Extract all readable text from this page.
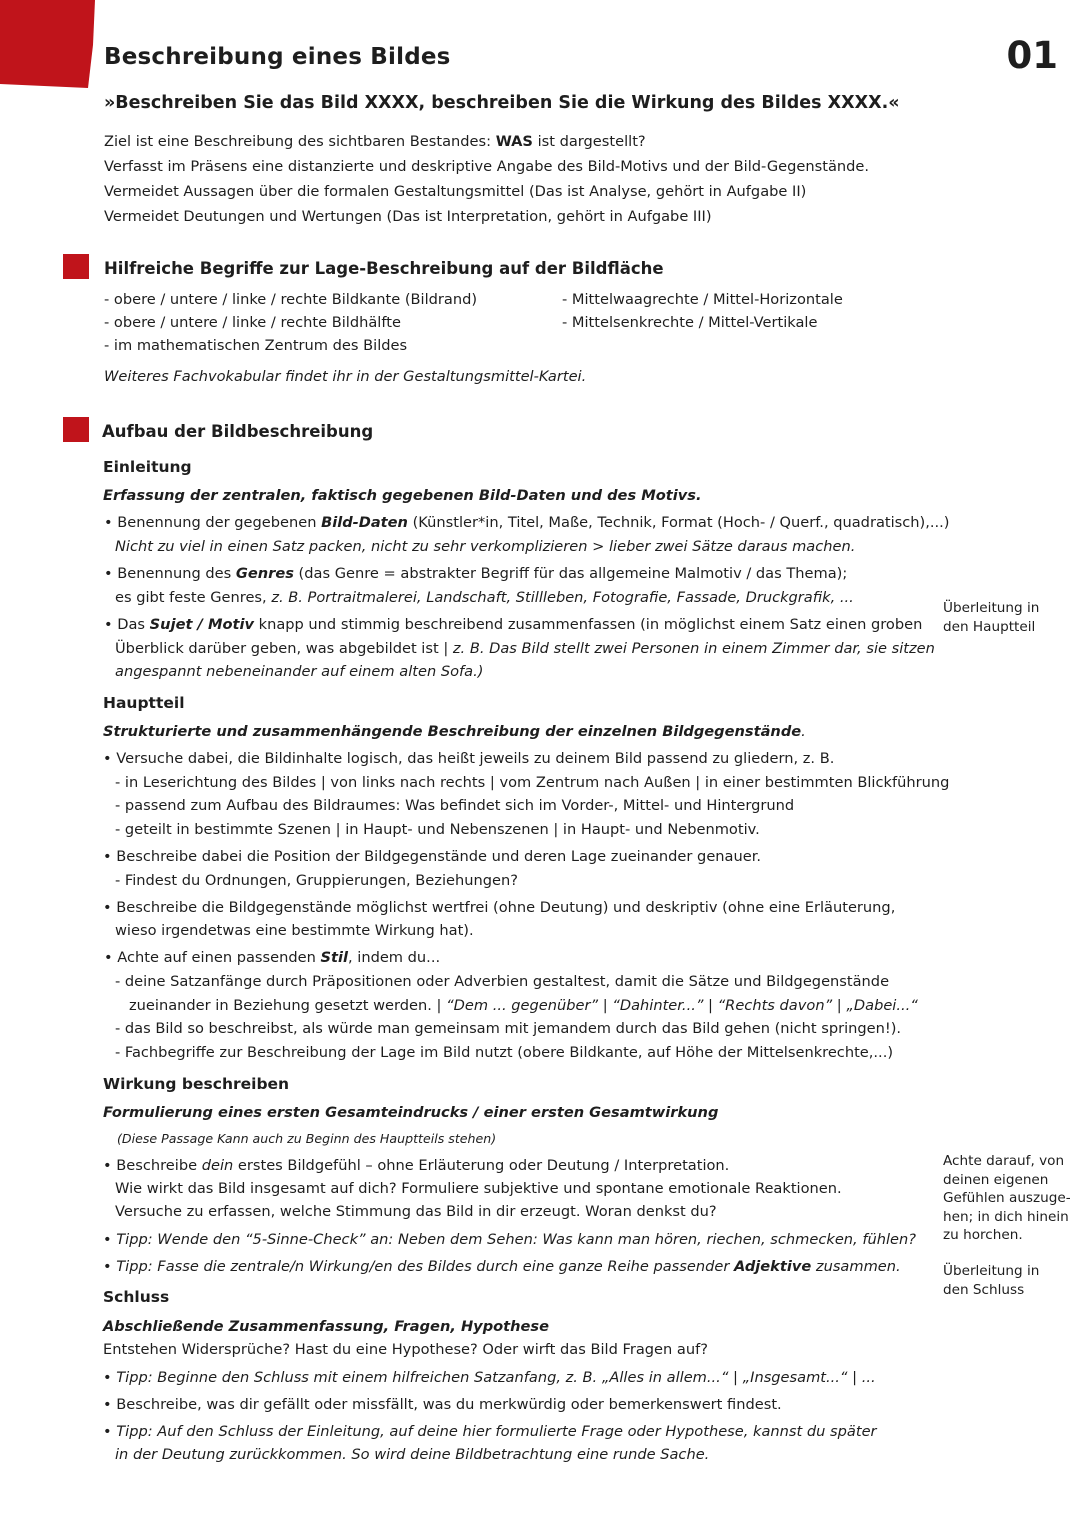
Beschreibung eines Bildes	01
»Beschreiben Sie das Bild XXXX, beschreiben Sie die Wirkung des Bildes XXXX.«
Ziel ist eine Beschreibung des sichtbaren Bestandes: WAS ist dargestellt?
Verfasst im Präsens eine distanzierte und deskriptive Angabe des Bild-Motivs und der Bild-Gegenstände.
Vermeidet Aussagen über die formalen Gestaltungsmittel (Das ist Analyse, gehört in Aufgabe II)
Vermeidet Deutungen und Wertungen (Das ist Interpretation, gehört in Aufgabe III)
Hilfreiche Begriffe zur Lage-Beschreibung auf der Bildfläche
- obere / untere / linke / rechte Bildkante (Bildrand)
- obere / untere / linke / rechte Bildhälfte
- im mathematischen Zentrum des Bildes
- Mittelwaagrechte / Mittel-Horizontale
- Mittelsenkrechte / Mittel-Vertikale
Weiteres Fachvokabular findet ihr in der Gestaltungsmittel-Kartei.
Aufbau der Bildbeschreibung
Einleitung
Erfassung der zentralen, faktisch gegebenen Bild-Daten und des Motivs.
• Benennung der gegebenen Bild-Daten (Künstler*in, Titel, Maße, Technik, Format (Hoch- / Querf., quadratisch),...)
Nicht zu viel in einen Satz packen, nicht zu sehr verkomplizieren > lieber zwei Sätze daraus machen.
• Benennung des Genres (das Genre = abstrakter Begriff für das allgemeine Malmotiv / das Thema);
es gibt feste Genres, z. B. Portraitmalerei, Landschaft, Stillleben, Fotografie, Fassade, Druckgrafik, ...
• Das Sujet / Motiv knapp und stimmig beschreibend zusammenfassen (in möglichst einem Satz einen groben
Überblick darüber geben, was abgebildet ist | z. B. Das Bild stellt zwei Personen in einem Zimmer dar, sie sitzen
angespannt nebeneinander auf einem alten Sofa.)
Hauptteil
Strukturierte und zusammenhängende Beschreibung der einzelnen Bildgegenstände.
• Versuche dabei, die Bildinhalte logisch, das heißt jeweils zu deinem Bild passend zu gliedern, z. B.
- in Leserichtung des Bildes | von links nach rechts | vom Zentrum nach Außen | in einer bestimmten Blickführung
- passend zum Aufbau des Bildraumes: Was befindet sich im Vorder-, Mittel- und Hintergrund
- geteilt in bestimmte Szenen | in Haupt- und Nebenszenen | in Haupt- und Nebenmotiv.
• Beschreibe dabei die Position der Bildgegenstände und deren Lage zueinander genauer.
- Findest du Ordnungen, Gruppierungen, Beziehungen?
• Beschreibe die Bildgegenstände möglichst wertfrei (ohne Deutung) und deskriptiv (ohne eine Erläuterung,
wieso irgendetwas eine bestimmte Wirkung hat).
• Achte auf einen passenden Stil, indem du...
- deine Satzanfänge durch Präpositionen oder Adverbien gestaltest, damit die Sätze und Bildgegenstände
zueinander in Beziehung gesetzt werden. | “Dem ... gegenüber” | “Dahinter...” | “Rechts davon” | „Dabei...“
- das Bild so beschreibst, als würde man gemeinsam mit jemandem durch das Bild gehen (nicht springen!).
- Fachbegriffe zur Beschreibung der Lage im Bild nutzt (obere Bildkante, auf Höhe der Mittelsenkrechte,...)
Wirkung beschreiben
Formulierung eines ersten Gesamteindrucks / einer ersten Gesamtwirkung
(Diese Passage Kann auch zu Beginn des Hauptteils stehen)
• Beschreibe dein erstes Bildgefühl – ohne Erläuterung oder Deutung / Interpretation.
Wie wirkt das Bild insgesamt auf dich? Formuliere subjektive und spontane emotionale Reaktionen.
Versuche zu erfassen, welche Stimmung das Bild in dir erzeugt. Woran denkst du?
• Tipp: Wende den “5-Sinne-Check” an: Neben dem Sehen: Was kann man hören, riechen, schmecken, fühlen?
• Tipp: Fasse die zentrale/n Wirkung/en des Bildes durch eine ganze Reihe passender Adjektive zusammen.
Schluss
Abschließende Zusammenfassung, Fragen, Hypothese
Entstehen Widersprüche? Hast du eine Hypothese? Oder wirft das Bild Fragen auf?
• Tipp: Beginne den Schluss mit einem hilfreichen Satzanfang, z. B. „Alles in allem...“ | „Insgesamt...“ | ...
• Beschreibe, was dir gefällt oder missfällt, was du merkwürdig oder bemerkenswert findest.
• Tipp: Auf den Schluss der Einleitung, auf deine hier formulierte Frage oder Hypothese, kannst du später
in der Deutung zurückkommen. So wird deine Bildbetrachtung eine runde Sache.
Überleitung in
den Hauptteil
Achte darauf, von
deinen eigenen
Gefühlen auszuge-
hen; in dich hinein
zu horchen.
Überleitung in
den Schluss
